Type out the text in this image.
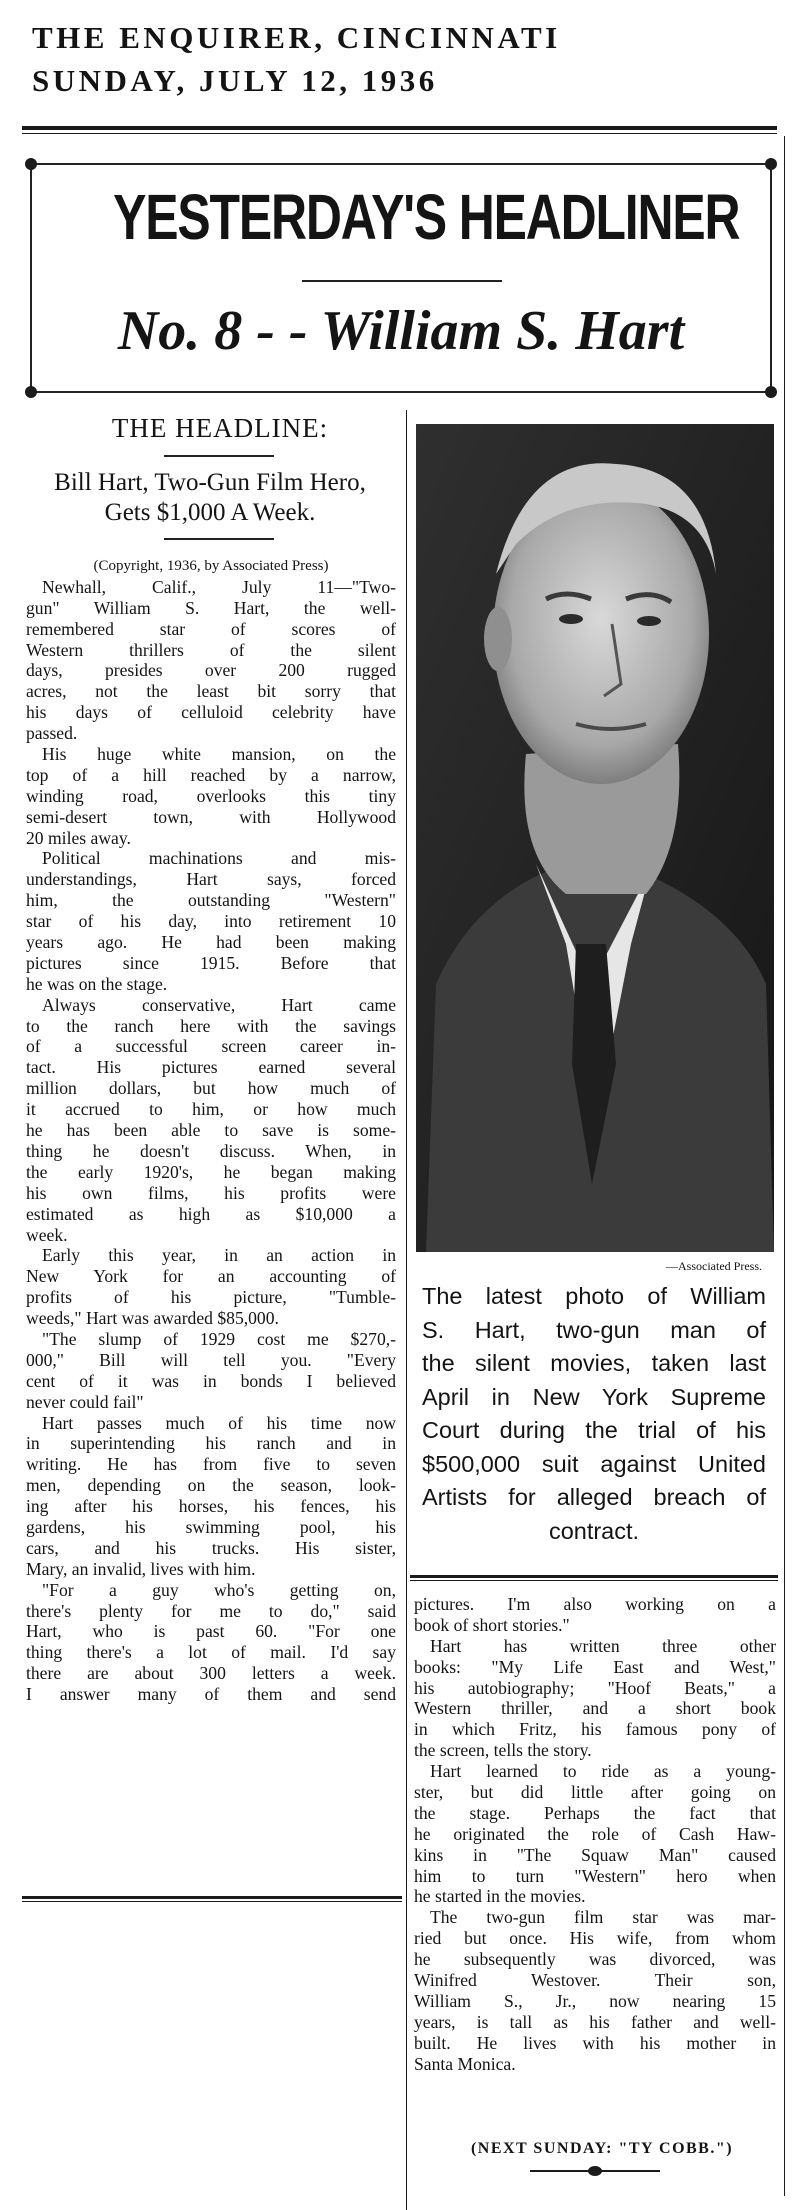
THE ENQUIRER, CINCINNATI
SUNDAY, JULY 12, 1936
YESTERDAY'S HEADLINER
No. 8 - - William S. Hart
THE HEADLINE:
Bill Hart, Two-Gun Film Hero,
Gets $1,000 A Week.
(Copyright, 1936, by Associated Press)
Newhall, Calif., July 11—"Two-
gun" William S. Hart, the well-
remembered star of scores of
Western thrillers of the silent
days, presides over 200 rugged
acres, not the least bit sorry that
his days of celluloid celebrity have
passed.
His huge white mansion, on the
top of a hill reached by a narrow,
winding road, overlooks this tiny
semi-desert town, with Hollywood
20 miles away.
Political machinations and mis-
understandings, Hart says, forced
him, the outstanding "Western"
star of his day, into retirement 10
years ago. He had been making
pictures since 1915. Before that
he was on the stage.
Always conservative, Hart came
to the ranch here with the savings
of a successful screen career in-
tact. His pictures earned several
million dollars, but how much of
it accrued to him, or how much
he has been able to save is some-
thing he doesn't discuss. When, in
the early 1920's, he began making
his own films, his profits were
estimated as high as $10,000 a
week.
Early this year, in an action in
New York for an accounting of
profits of his picture, "Tumble-
weeds," Hart was awarded $85,000.
"The slump of 1929 cost me $270,-
000," Bill will tell you. "Every
cent of it was in bonds I believed
never could fail"
Hart passes much of his time now
in superintending his ranch and in
writing. He has from five to seven
men, depending on the season, look-
ing after his horses, his fences, his
gardens, his swimming pool, his
cars, and his trucks. His sister,
Mary, an invalid, lives with him.
"For a guy who's getting on,
there's plenty for me to do," said
Hart, who is past 60. "For one
thing there's a lot of mail. I'd say
there are about 300 letters a week.
I answer many of them and send
—Associated Press.
The latest photo of William
S. Hart, two-gun man of
the silent movies, taken last
April in New York Supreme
Court during the trial of his
$500,000 suit against United
Artists for alleged breach of
contract.
pictures. I'm also working on a
book of short stories."
Hart has written three other
books: "My Life East and West,"
his autobiography; "Hoof Beats," a
Western thriller, and a short book
in which Fritz, his famous pony of
the screen, tells the story.
Hart learned to ride as a young-
ster, but did little after going on
the stage. Perhaps the fact that
he originated the role of Cash Haw-
kins in "The Squaw Man" caused
him to turn "Western" hero when
he started in the movies.
The two-gun film star was mar-
ried but once. His wife, from whom
he subsequently was divorced, was
Winifred Westover. Their son,
William S., Jr., now nearing 15
years, is tall as his father and well-
built. He lives with his mother in
Santa Monica.
(NEXT SUNDAY: "TY COBB.")
